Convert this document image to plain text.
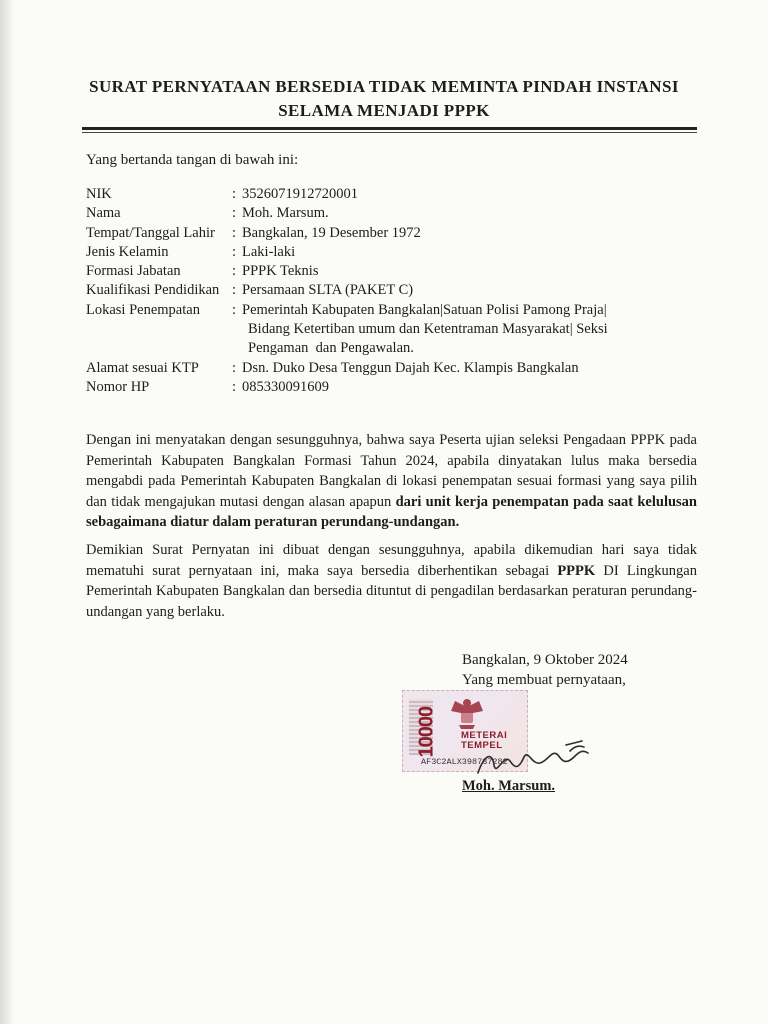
SURAT PERNYATAAN BERSEDIA TIDAK MEMINTA PINDAH INSTANSI
SELAMA MENJADI PPPK
Yang bertanda tangan di bawah ini:
NIK	: 3526071912720001
Nama	: Moh. Marsum.
Tempat/Tanggal Lahir	: Bangkalan, 19 Desember 1972
Jenis Kelamin	: Laki-laki
Formasi Jabatan	: PPPK Teknis
Kualifikasi Pendidikan : Persamaan SLTA (PAKET C)
Lokasi Penempatan	: Pemerintah Kabupaten Bangkalan|Satuan Polisi Pamong Praja|
Bidang Ketertiban umum dan Ketentraman Masyarakat| Seksi
Pengaman  dan Pengawalan.
Alamat sesuai KTP	: Dsn. Duko Desa Tenggun Dajah Kec. Klampis Bangkalan
Nomor HP	: 085330091609
Dengan ini menyatakan dengan sesungguhnya, bahwa saya Peserta ujian seleksi Pengadaan PPPK pada Pemerintah Kabupaten Bangkalan Formasi Tahun 2024, apabila dinyatakan lulus maka bersedia mengabdi pada Pemerintah Kabupaten Bangkalan di lokasi penempatan sesuai formasi yang saya pilih dan tidak mengajukan mutasi dengan alasan apapun dari unit kerja penempatan pada saat kelulusan sebagaimana diatur dalam peraturan perundang-undangan.
Demikian Surat Pernyatan ini dibuat dengan sesungguhnya, apabila dikemudian hari saya tidak mematuhi surat pernyataan ini, maka saya bersedia diberhentikan sebagai PPPK DI Lingkungan Pemerintah Kabupaten Bangkalan dan bersedia dituntut di pengadilan berdasarkan peraturan perundang-undangan yang berlaku.
Bangkalan, 9 Oktober 2024
Yang membuat pernyataan,
10000 METERAI
TEMPEL
AF3C2ALX398737282
Moh. Marsum.
